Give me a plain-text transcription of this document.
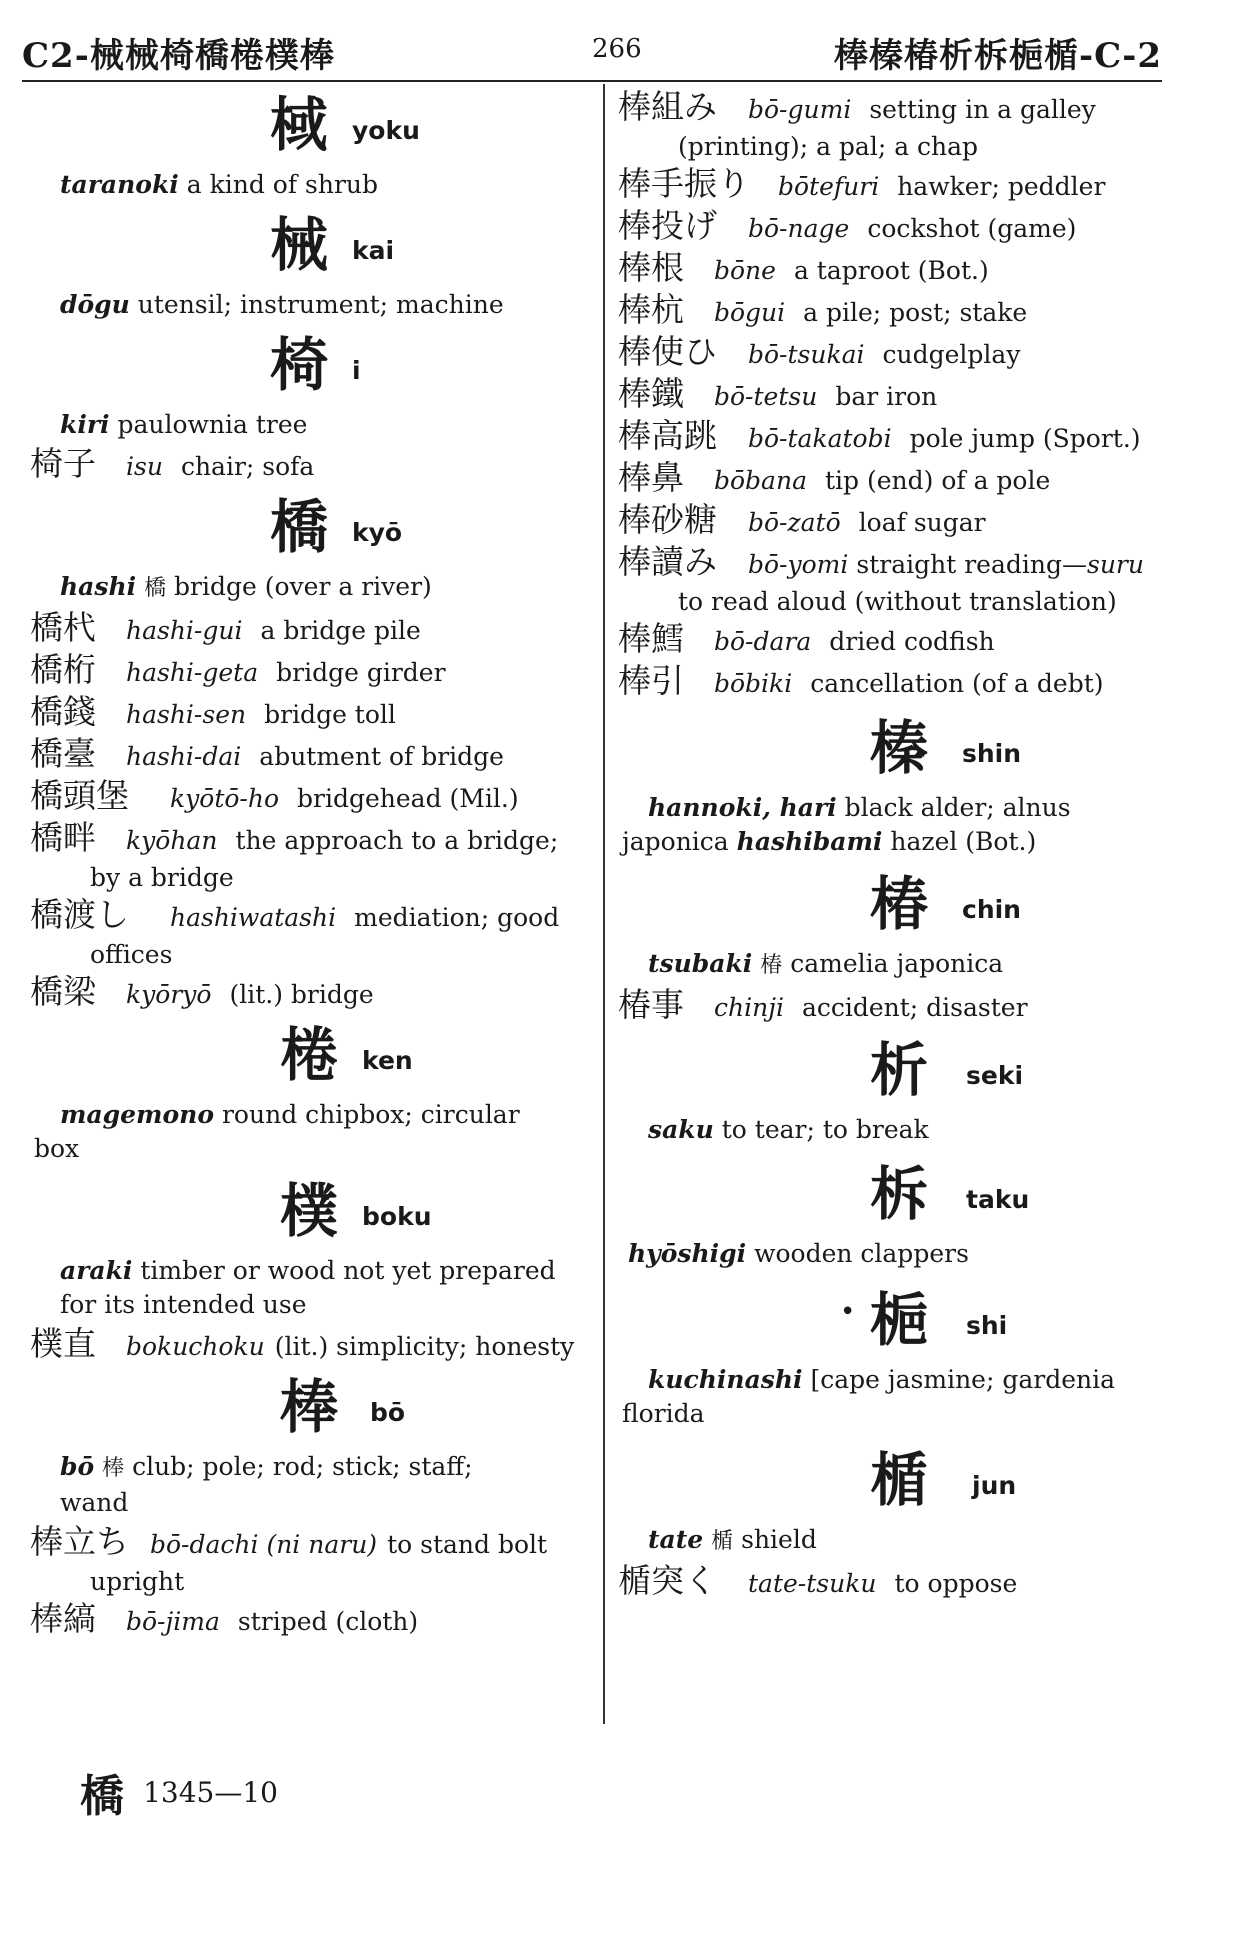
C2-械械椅橋棬樸棒	266	棒榛椿析柝梔楯-C-2
棫 yoku
taranoki a kind of shrub
械 kai
dōgu utensil; instrument; machine
椅 i
kiri paulownia tree
椅子	isu chair; sofa
橋 kyō
hashi 橋 bridge (over a river)
橋杙	hashi-gui a bridge pile
橋桁	hashi-geta bridge girder
橋錢	hashi-sen bridge toll
橋臺	hashi-dai abutment of bridge
橋頭堡	kyōtō-ho bridgehead (Mil.)
橋畔	kyōhan the approach to a bridge;
by a bridge
橋渡し	hashiwatashi mediation; good
offices
橋梁	kyōryō (lit.) bridge
棬 ken
magemono round chipbox; circular
box
樸 boku
araki timber or wood not yet prepared
for its intended use
樸直	bokuchoku (lit.) simplicity; honesty
棒 bō
bō 棒 club; pole; rod; stick; staff;
wand
棒立ち bō-dachi (ni naru) to stand bolt
upright
棒縞	bō-jima striped (cloth)
棒組み	bō-gumi setting in a galley
(printing); a pal; a chap
棒手振り	bōtefuri hawker; peddler
棒投げ	bō-nage cockshot (game)
棒根	bōne a taproot (Bot.)
棒杭	bōgui a pile; post; stake
棒使ひ	bō-tsukai cudgelplay
棒鐵	bō-tetsu bar iron
棒高跳	bō-takatobi pole jump (Sport.)
棒鼻	bōbana tip (end) of a pole
棒砂糖	bō-zatō loaf sugar
棒讀み	bō-yomi straight reading—suru
to read aloud (without translation)
棒鱈	bō-dara dried codfish
棒引	bōbiki cancellation (of a debt)
榛 shin
hannoki, hari black alder; alnus
japonica hashibami hazel (Bot.)
椿 chin
tsubaki 椿 camelia japonica
椿事	chinji accident; disaster
析 seki
saku to tear; to break
柝 taku
hyōshigi wooden clappers
• 梔 shi
kuchinashi [cape jasmine; gardenia
florida
楯 jun
tate 楯 shield
楯突く	tate-tsuku to oppose
橋 1345—10
